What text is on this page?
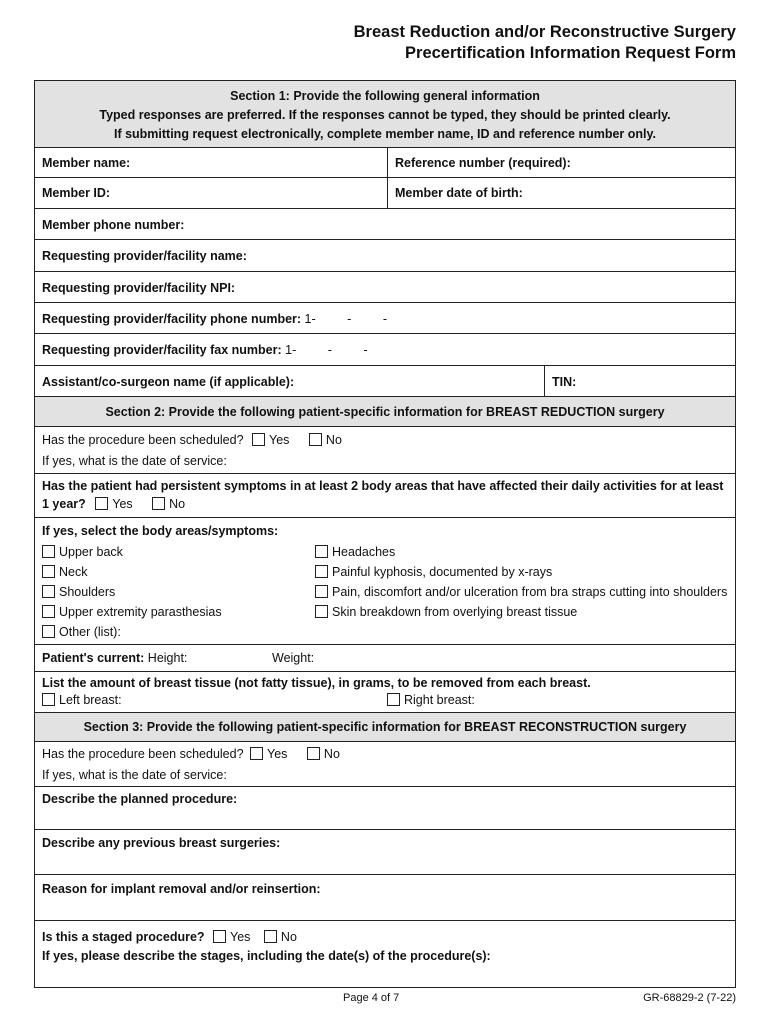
Breast Reduction and/or Reconstructive Surgery
Precertification Information Request Form
Section 1: Provide the following general information
Typed responses are preferred. If the responses cannot be typed, they should be printed clearly.
If submitting request electronically, complete member name, ID and reference number only.
Member name:	Reference number (required):
Member ID:	Member date of birth:
Member phone number:
Requesting provider/facility name:
Requesting provider/facility NPI:
Requesting provider/facility phone number: 1-	-	-
Requesting provider/facility fax number: 1-	-	-
Assistant/co-surgeon name (if applicable):	TIN:
Section 2: Provide the following patient-specific information for BREAST REDUCTION surgery
Has the procedure been scheduled? Yes	No
If yes, what is the date of service:
Has the patient had persistent symptoms in at least 2 body areas that have affected their daily activities for at least
1 year? Yes	No
If yes, select the body areas/symptoms:
Upper back
Neck
Shoulders
Upper extremity parasthesias
Other (list):
Headaches
Painful kyphosis, documented by x-rays
Pain, discomfort and/or ulceration from bra straps cutting into shoulders
Skin breakdown from overlying breast tissue
Patient's current: Height:	Weight:
List the amount of breast tissue (not fatty tissue), in grams, to be removed from each breast.
Left breast:	Right breast:
Section 3: Provide the following patient-specific information for BREAST RECONSTRUCTION surgery
Has the procedure been scheduled? Yes	No
If yes, what is the date of service:
Describe the planned procedure:
Describe any previous breast surgeries:
Reason for implant removal and/or reinsertion:
Is this a staged procedure? Yes No
If yes, please describe the stages, including the date(s) of the procedure(s):
Page 4 of 7	GR-68829-2 (7-22)
